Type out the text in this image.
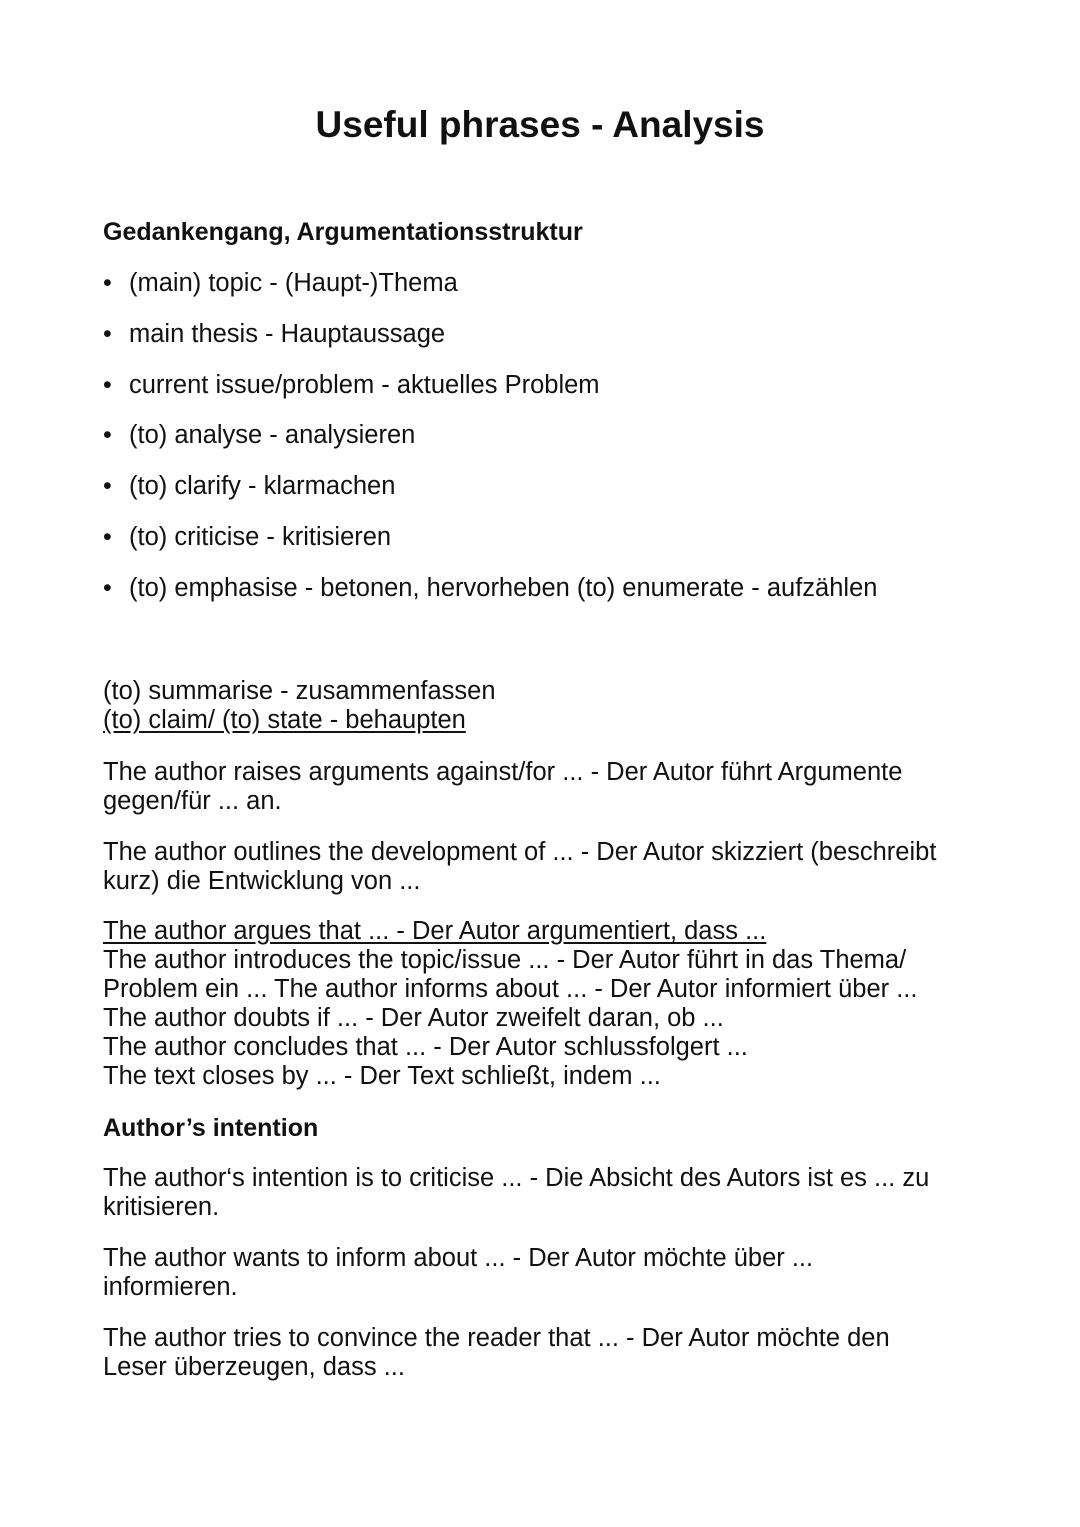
Useful phrases - Analysis
Gedankengang, Argumentationsstruktur
• (main) topic - (Haupt-)Thema
• main thesis - Hauptaussage
• current issue/problem - aktuelles Problem
• (to) analyse - analysieren
• (to) clarify - klarmachen
• (to) criticise - kritisieren
• (to) emphasise - betonen, hervorheben (to) enumerate - aufzählen
(to) summarise - zusammenfassen
(to) claim/ (to) state - behaupten
The author raises arguments against/for ... - Der Autor führt Argumente
gegen/für ... an.
The author outlines the development of ... - Der Autor skizziert (beschreibt
kurz) die Entwicklung von ...
The author argues that ... - Der Autor argumentiert, dass ...
The author introduces the topic/issue ... - Der Autor führt in das Thema/
Problem ein ... The author informs about ... - Der Autor informiert über ...
The author doubts if ... - Der Autor zweifelt daran, ob ...
The author concludes that ... - Der Autor schlussfolgert ...
The text closes by ... - Der Text schließt, indem ...
Author’s intention
The author‘s intention is to criticise ... - Die Absicht des Autors ist es ... zu
kritisieren.
The author wants to inform about ... - Der Autor möchte über ...
informieren.
The author tries to convince the reader that ... - Der Autor möchte den
Leser überzeugen, dass ...
